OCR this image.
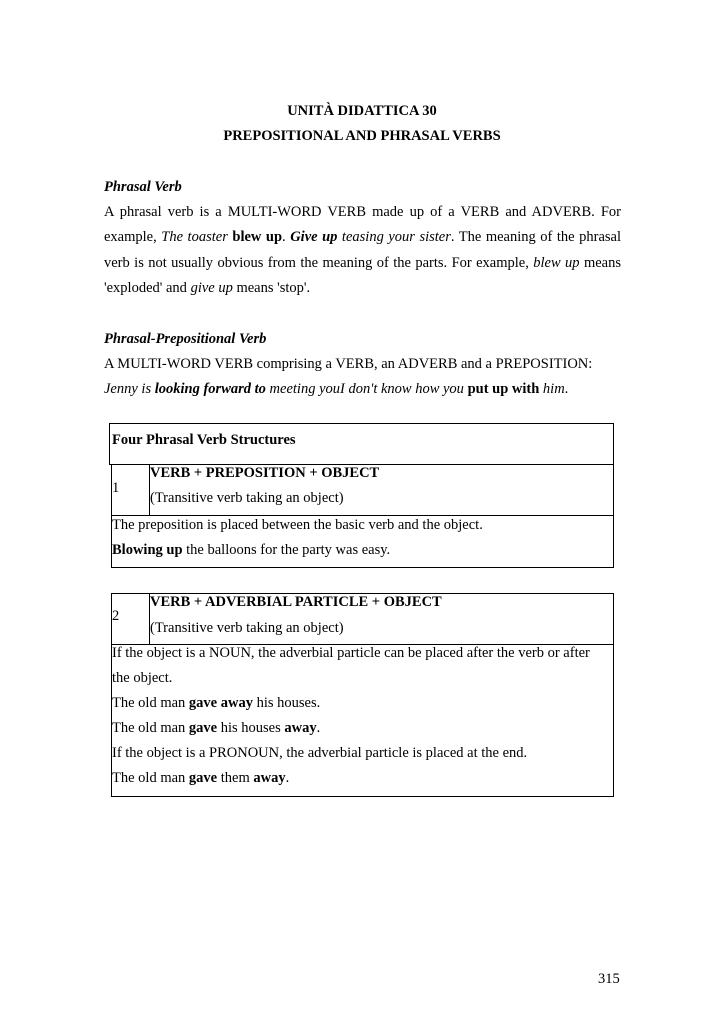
UNITÀ DIDATTICA 30
PREPOSITIONAL AND PHRASAL VERBS
Phrasal Verb
A phrasal verb is a MULTI-WORD VERB made up of a VERB and ADVERB. For
example, The toaster blew up. Give up teasing your sister. The meaning of the phrasal
verb is not usually obvious from the meaning of the parts. For example, blew up means
'exploded' and give up means 'stop'.
Phrasal-Prepositional Verb
A MULTI-WORD VERB comprising a VERB, an ADVERB and a PREPOSITION:
Jenny is looking forward to meeting youI don't know how you put up with him.
Four Phrasal Verb Structures
1
VERB + PREPOSITION + OBJECT
(Transitive verb taking an object)
The preposition is placed between the basic verb and the object.
Blowing up the balloons for the party was easy.
2
VERB + ADVERBIAL PARTICLE + OBJECT
(Transitive verb taking an object)
If the object is a NOUN, the adverbial particle can be placed after the verb or after
the object.
The old man gave away his houses.
The old man gave his houses away.
If the object is a PRONOUN, the adverbial particle is placed at the end.
The old man gave them away.
315
